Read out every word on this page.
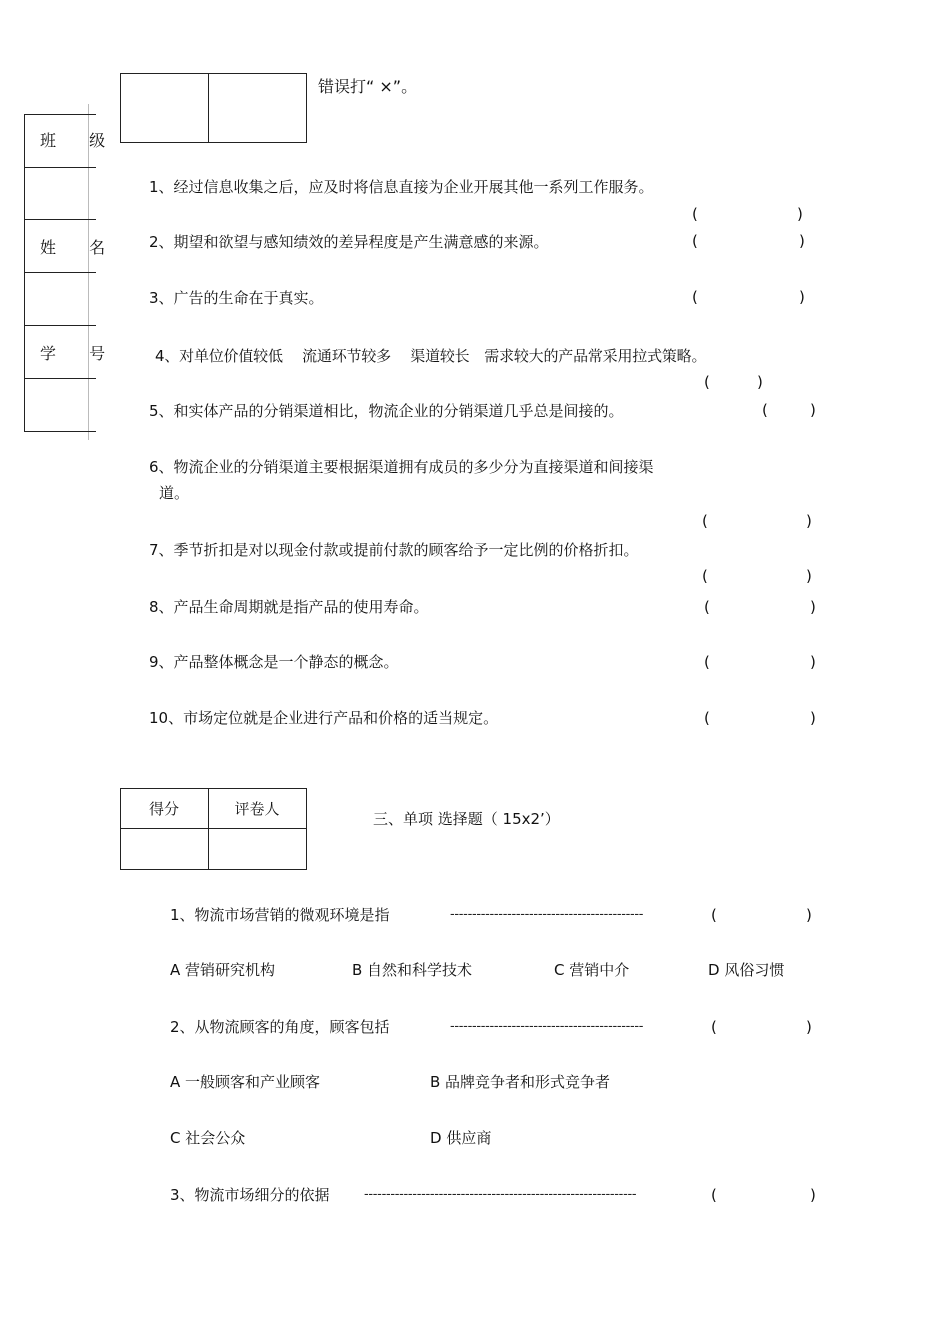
班 级
姓 名
学 号
错误打“ ×”。
1、经过信息收集之后，应及时将信息直接为企业开展其他一系列工作服务。
(	)
2、期望和欲望与感知绩效的差异程度是产生满意感的来源。	(	)
3、广告的生命在于真实。	(	)
4、对单位价值较低　 流通环节较多　 渠道较长　需求较大的产品常采用拉式策略。
(	)
5、和实体产品的分销渠道相比，物流企业的分销渠道几乎总是间接的。	(	)
6、物流企业的分销渠道主要根据渠道拥有成员的多少分为直接渠道和间接渠
道。
(	)
7、季节折扣是对以现金付款或提前付款的顾客给予一定比例的价格折扣。
(	)
8、产品生命周期就是指产品的使用寿命。	(	)
9、产品整体概念是一个静态的概念。	(	)
10、市场定位就是企业进行产品和价格的适当规定。	(	)
得分	评卷人
三、单项 选择题（ 15x2’）
1、物流市场营销的微观环境是指	--------------------------------------------	(	)
A 营销研究机构	B 自然和科学技术	C 营销中介	D 风俗习惯
2、从物流顾客的角度，顾客包括	--------------------------------------------	(	)
A 一般顾客和产业顾客	B 品牌竞争者和形式竞争者
C 社会公众	D 供应商
3、物流市场细分的依据	--------------------------------------------------------------	(	)
